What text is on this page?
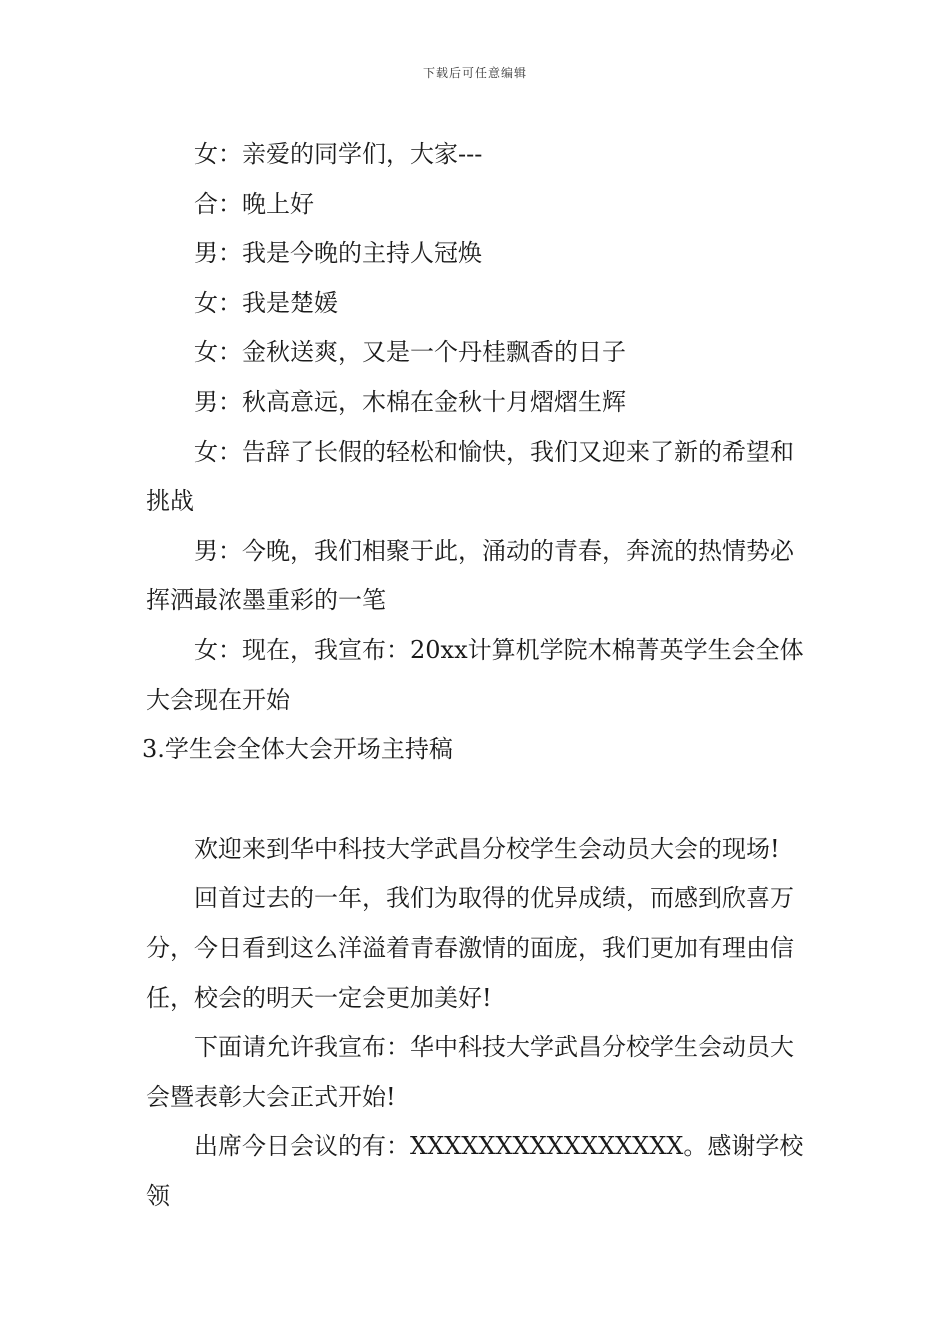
下载后可任意编辑

女：亲爱的同学们，大家---

合：晚上好

男：我是今晚的主持人冠焕

女：我是楚媛

女：金秋送爽，又是一个丹桂飘香的日子

男：秋高意远，木棉在金秋十月熠熠生辉

女：告辞了长假的轻松和愉快，我们又迎来了新的希望和挑战

男：今晚，我们相聚于此，涌动的青春，奔流的热情势必挥洒最浓墨重彩的一笔

女：现在，我宣布：20xx计算机学院木棉菁英学生会全体大会现在开始

3.学生会全体大会开场主持稿

欢迎来到华中科技大学武昌分校学生会动员大会的现场!

回首过去的一年，我们为取得的优异成绩，而感到欣喜万分，今日看到这么洋溢着青春激情的面庞，我们更加有理由信任，校会的明天一定会更加美好!

下面请允许我宣布：华中科技大学武昌分校学生会动员大会暨表彰大会正式开始!

出席今日会议的有：XXXXXXXXXXXXXXXX。感谢学校领
